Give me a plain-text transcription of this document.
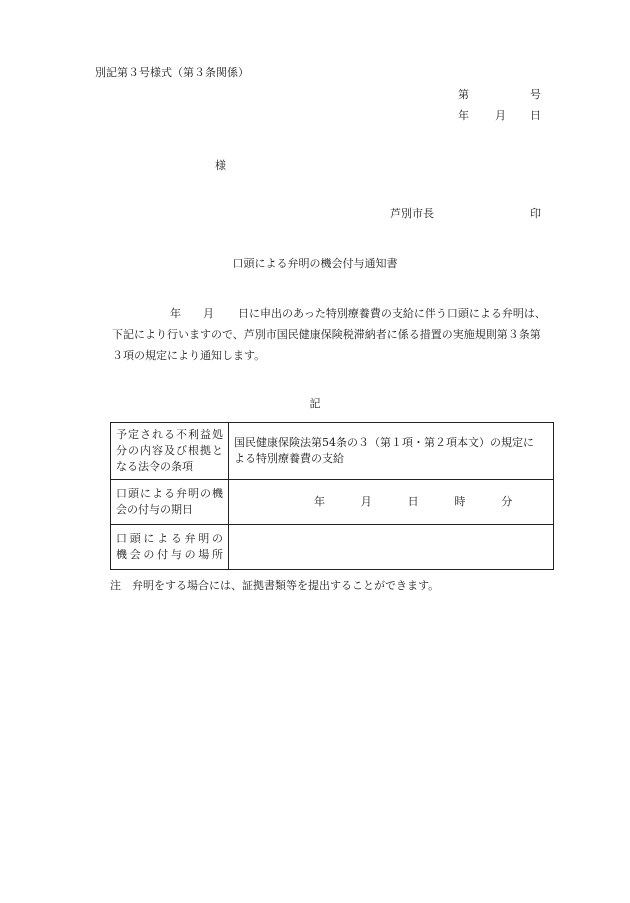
別記第３号様式（第３条関係）
第	号
年 月 日
様
芦別市長	印
口頭による弁明の機会付与通知書
年 月 日に申出のあった特別療養費の支給に伴う口頭による弁明は、
下記により行いますので、芦別市国民健康保険税滞納者に係る措置の実施規則第３条第
３項の規定により通知します。
記
予定される不利益処
分の内容及び根拠と
なる法令の条項	国民健康保険法第54条の３（第１項・第２項本文）の規定に
よる特別療養費の支給

口頭による弁明の機
会の付与の期日	年 月 日 時 分

口頭による弁明の
機会の付与の場所	

注　弁明をする場合には、証拠書類等を提出することができます。
